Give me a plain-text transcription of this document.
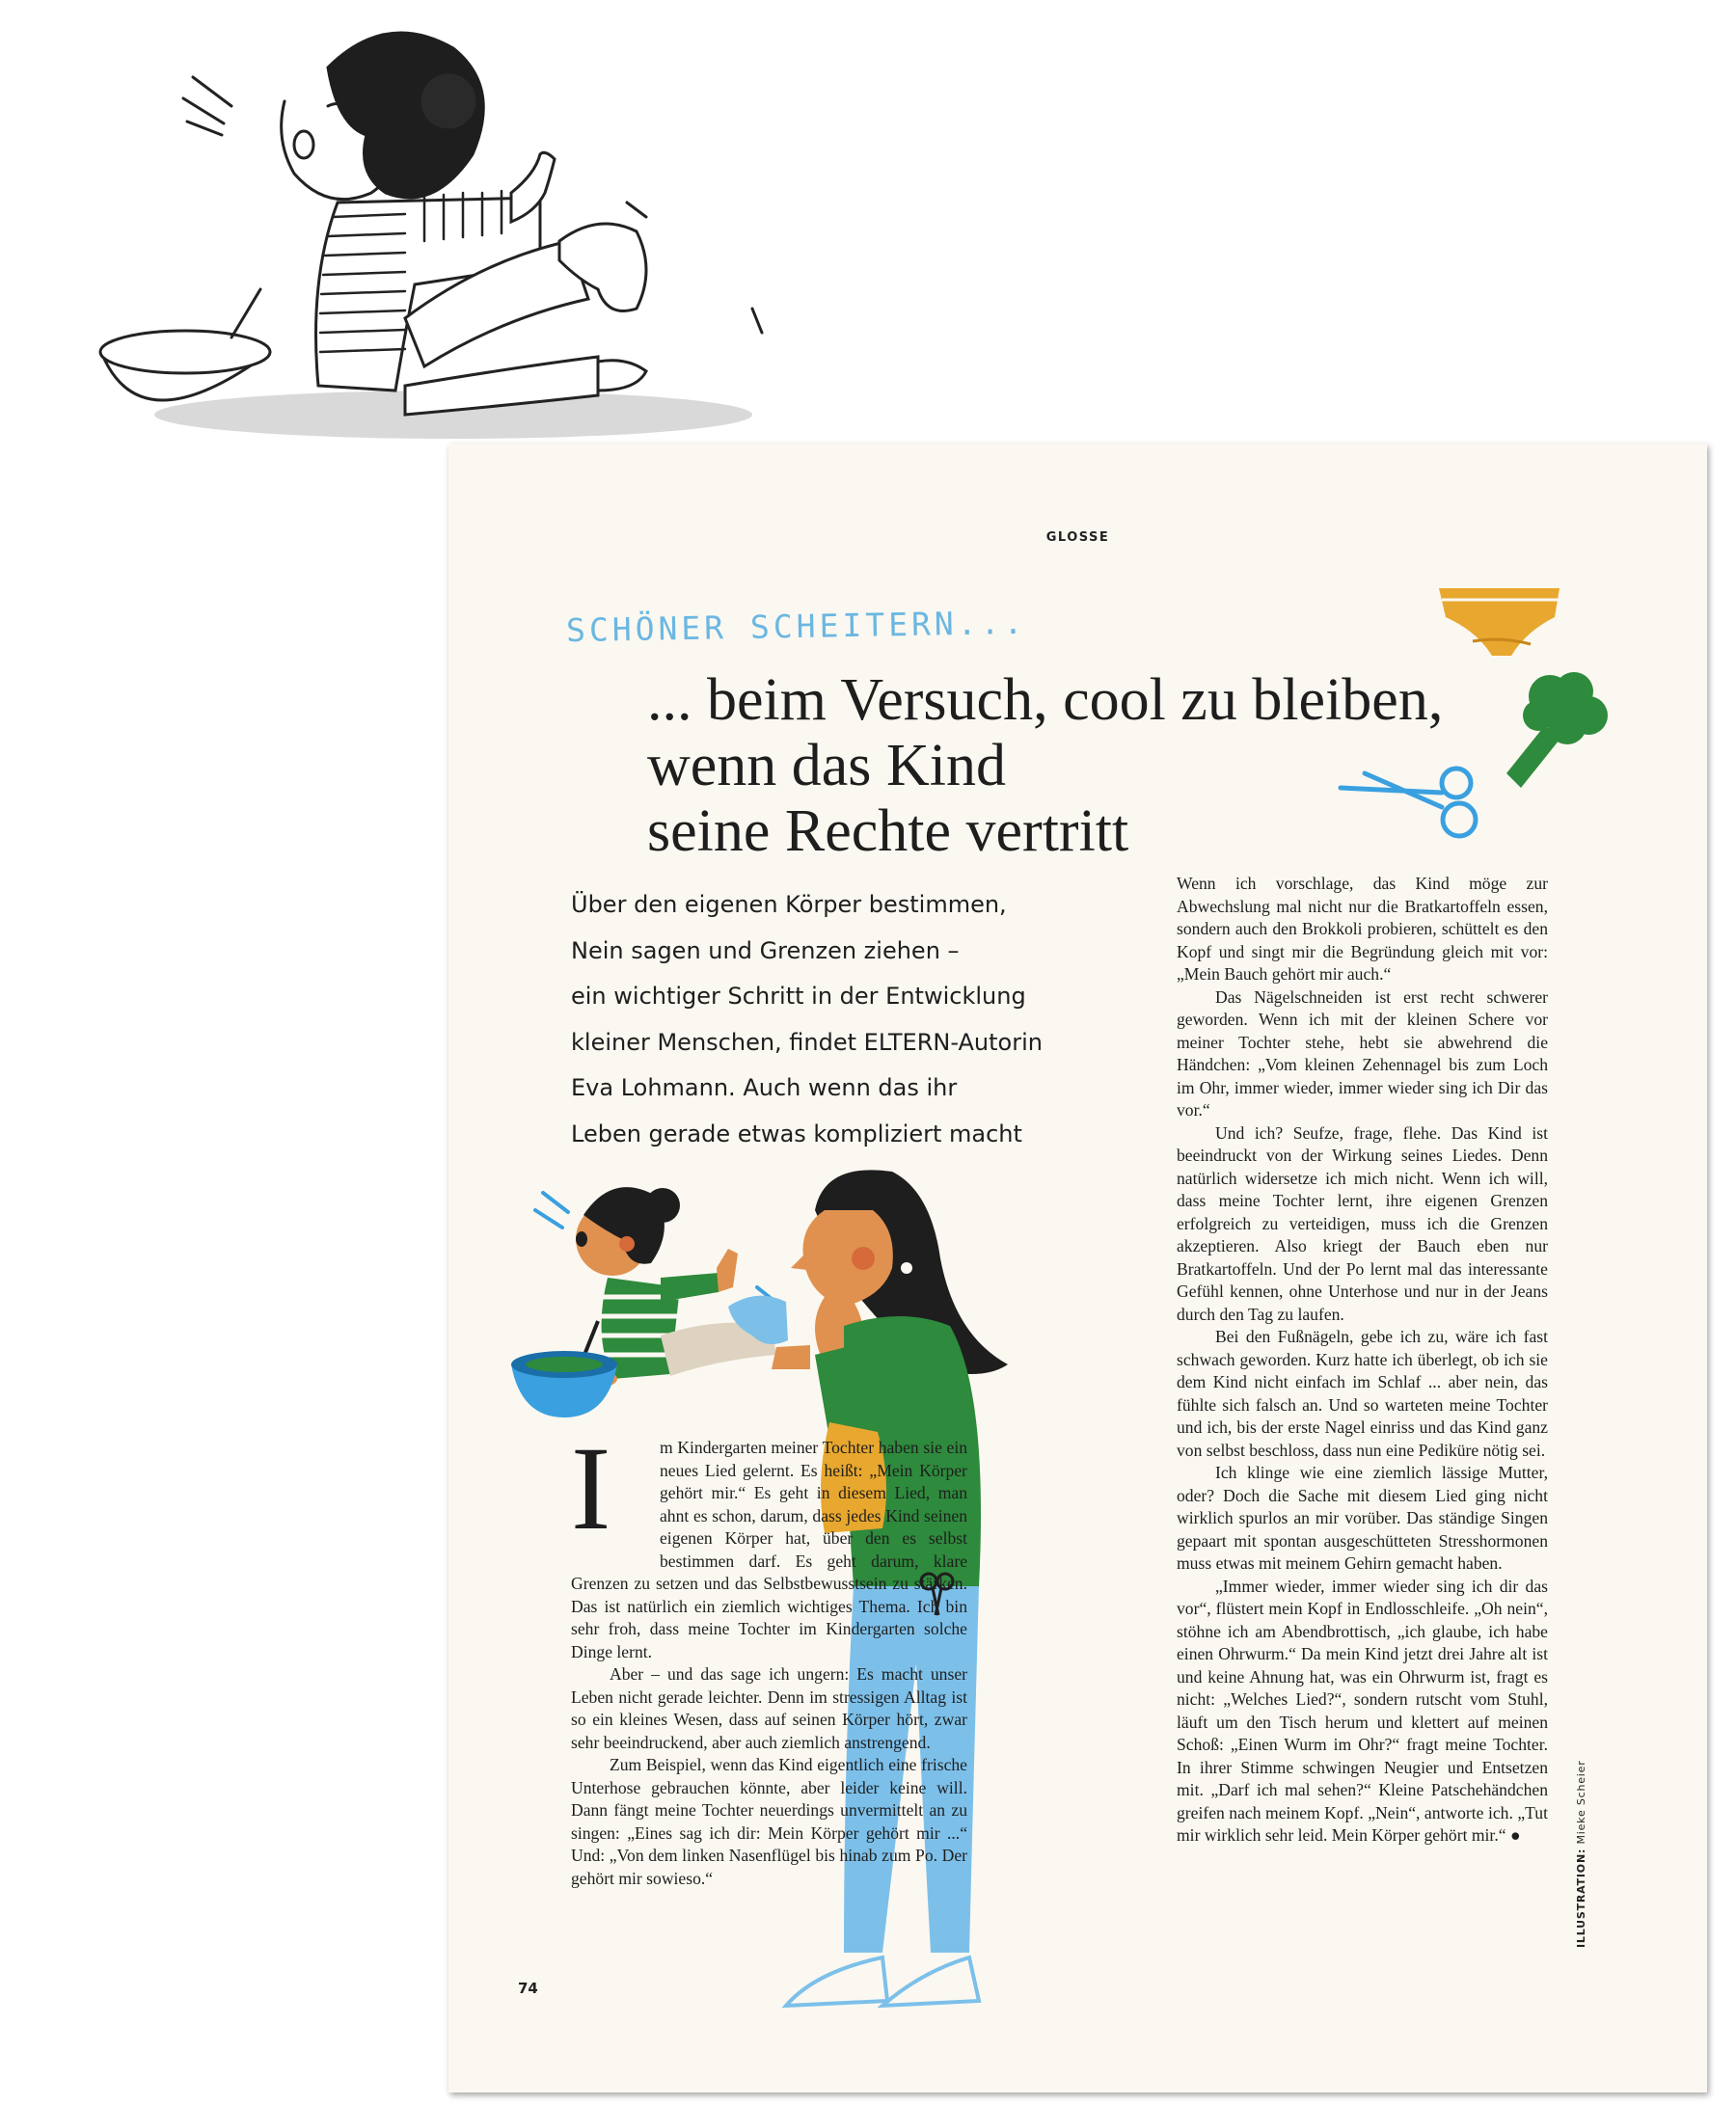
GLOSSE
SCHÖNER SCHEITERN...
... beim Versuch, cool zu bleiben,
wenn das Kind
seine Rechte vertritt
Über den eigenen Körper bestimmen,
Nein sagen und Grenzen ziehen –
ein wichtiger Schritt in der Entwicklung
kleiner Menschen, findet ELTERN-Autorin
Eva Lohmann. Auch wenn das ihr
Leben gerade etwas kompliziert macht
I	m Kindergarten meiner Tochter haben sie ein neues Lied gelernt. Es heißt: „Mein Körper gehört mir.“ Es geht in diesem Lied, man ahnt es schon, darum, dass jedes Kind seinen eigenen Körper hat, über den es selbst bestimmen darf. Es geht darum, klare Grenzen zu setzen und das Selbstbewusstsein zu stärken. Das ist natürlich ein ziemlich wichtiges Thema. Ich bin sehr froh, dass meine Tochter im Kindergarten solche Dinge lernt.

Aber – und das sage ich ungern: Es macht unser Leben nicht gerade leichter. Denn im stressigen Alltag ist so ein kleines Wesen, dass auf seinen Körper hört, zwar sehr beeindruckend, aber auch ziemlich anstrengend.

Zum Beispiel, wenn das Kind eigentlich eine frische Unterhose gebrauchen könnte, aber leider keine will. Dann fängt meine Tochter neuerdings unvermittelt an zu singen: „Eines sag ich dir: Mein Körper gehört mir ...“ Und: „Von dem linken Nasenflügel bis hinab zum Po. Der gehört mir sowieso.“

Wenn ich vorschlage, das Kind möge zur Abwechslung mal nicht nur die Bratkartoffeln essen, sondern auch den Brokkoli probieren, schüttelt es den Kopf und singt mir die Begründung gleich mit vor: „Mein Bauch gehört mir auch.“

Das Nägelschneiden ist erst recht schwerer geworden. Wenn ich mit der kleinen Schere vor meiner Tochter stehe, hebt sie abwehrend die Händchen: „Vom kleinen Zehennagel bis zum Loch im Ohr, immer wieder, immer wieder sing ich Dir das vor.“

Und ich? Seufze, frage, flehe. Das Kind ist beeindruckt von der Wirkung seines Liedes. Denn natürlich widersetze ich mich nicht. Wenn ich will, dass meine Tochter lernt, ihre eigenen Grenzen erfolgreich zu verteidigen, muss ich die Grenzen akzeptieren. Also kriegt der Bauch eben nur Bratkartoffeln. Und der Po lernt mal das interessante Gefühl kennen, ohne Unterhose und nur in der Jeans durch den Tag zu laufen.

Bei den Fußnägeln, gebe ich zu, wäre ich fast schwach geworden. Kurz hatte ich überlegt, ob ich sie dem Kind nicht einfach im Schlaf ... aber nein, das fühlte sich falsch an. Und so warteten meine Tochter und ich, bis der erste Nagel einriss und das Kind ganz von selbst beschloss, dass nun eine Pediküre nötig sei.

Ich klinge wie eine ziemlich lässige Mutter, oder? Doch die Sache mit diesem Lied ging nicht wirklich spurlos an mir vorüber. Das ständige Singen gepaart mit spontan ausgeschütteten Stresshormonen muss etwas mit meinem Gehirn gemacht haben.

„Immer wieder, immer wieder sing ich dir das vor“, flüstert mein Kopf in Endlosschleife. „Oh nein“, stöhne ich am Abendbrottisch, „ich glaube, ich habe einen Ohrwurm.“ Da mein Kind jetzt drei Jahre alt ist und keine Ahnung hat, was ein Ohrwurm ist, fragt es nicht: „Welches Lied?“, sondern rutscht vom Stuhl, läuft um den Tisch herum und klettert auf meinen Schoß: „Einen Wurm im Ohr?“ fragt meine Tochter. In ihrer Stimme schwingen Neugier und Entsetzen mit. „Darf ich mal sehen?“ Kleine Patschehändchen greifen nach meinem Kopf. „Nein“, antworte ich. „Tut mir wirklich sehr leid. Mein Körper gehört mir.“ ●

74
ILLUSTRATION: Mieke Scheier
